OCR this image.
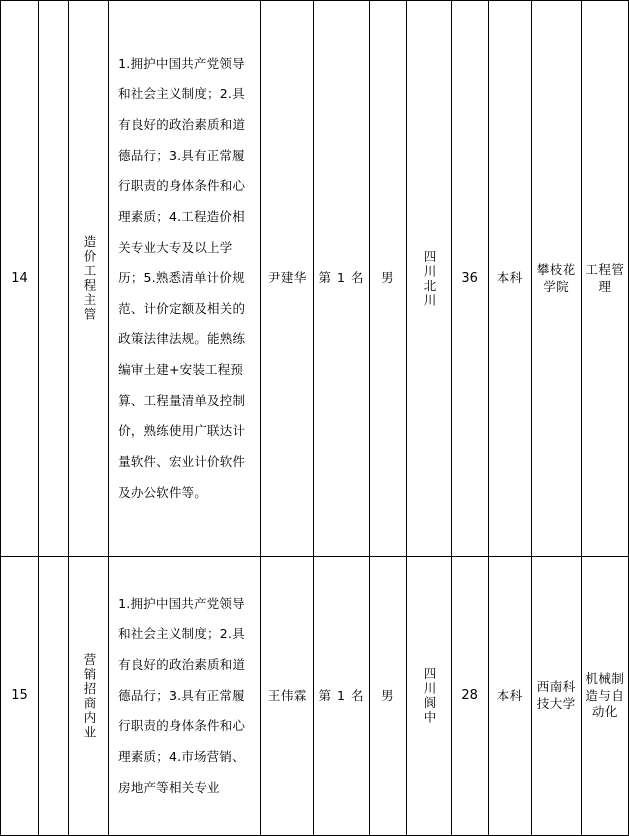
14		造价工程主管	1.拥护中国共产党领导和社会主义制度；2.具有良好的政治素质和道德品行；3.具有正常履行职责的身体条件和心理素质；4.工程造价相关专业大专及以上学历；5.熟悉清单计价规范、计价定额及相关的政策法律法规。能熟练编审土建+安装工程预算、工程量清单及控制价，熟练使用广联达计量软件、宏业计价软件及办公软件等。	尹建华	第 1 名	男	四川北川	36	本科	攀枝花学院	工程管理
15		营销招商内业	1.拥护中国共产党领导和社会主义制度；2.具有良好的政治素质和道德品行；3.具有正常履行职责的身体条件和心理素质；4.市场营销、房地产等相关专业	王伟霖	第 1 名	男	四川阆中	28	本科	西南科技大学	机械制造与自动化
